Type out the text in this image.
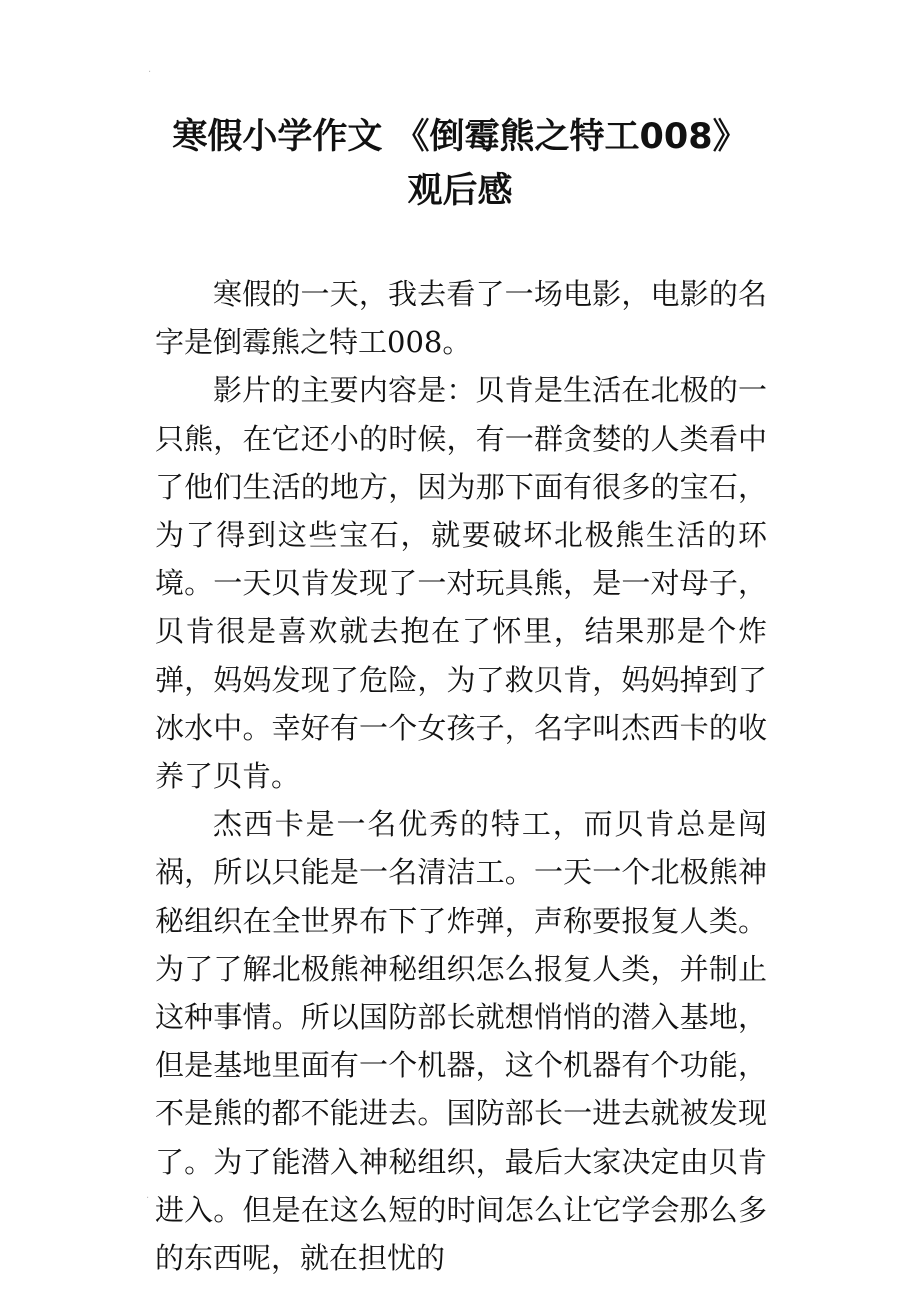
.
寒假小学作文 《倒霉熊之特工008》
观后感

寒假的一天，我去看了一场电影，电影的名字是倒霉熊之特工008。

影片的主要内容是：贝肯是生活在北极的一只熊，在它还小的时候，有一群贪婪的人类看中了他们生活的地方，因为那下面有很多的宝石，为了得到这些宝石，就要破坏北极熊生活的环境。一天贝肯发现了一对玩具熊，是一对母子，贝肯很是喜欢就去抱在了怀里，结果那是个炸弹，妈妈发现了危险，为了救贝肯，妈妈掉到了冰水中。幸好有一个女孩子，名字叫杰西卡的收养了贝肯。

杰西卡是一名优秀的特工，而贝肯总是闯祸，所以只能是一名清洁工。一天一个北极熊神秘组织在全世界布下了炸弹，声称要报复人类。为了了解北极熊神秘组织怎么报复人类，并制止这种事情。所以国防部长就想悄悄的潜入基地，但是基地里面有一个机器，这个机器有个功能，不是熊的都不能进去。国防部长一进去就被发现了。为了能潜入神秘组织，最后大家决定由贝肯进入。但是在这么短的时间怎么让它学会那么多的东西呢，就在担忧的

.
